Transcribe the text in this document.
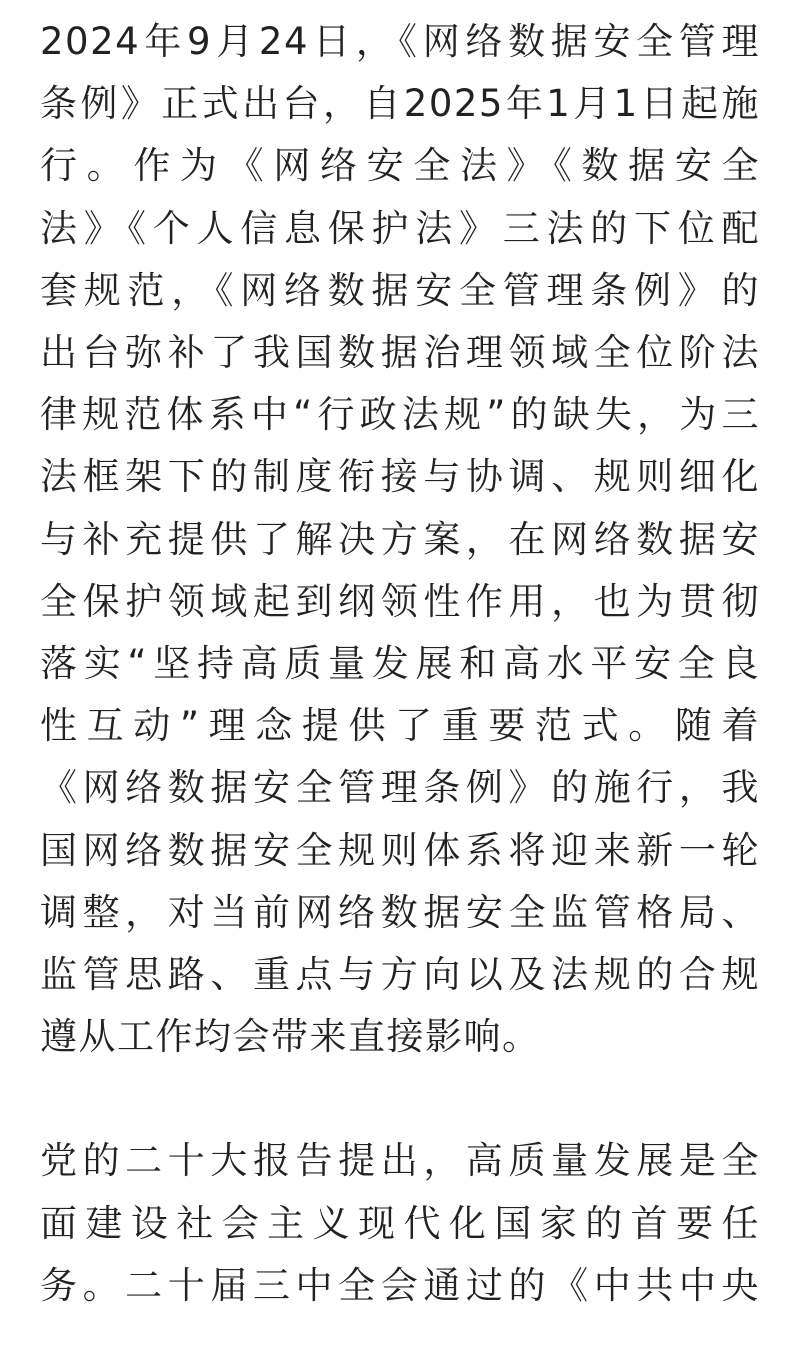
2024年9月24日，《网络数据安全管理
条例》正式出台，自2025年1月1日起施
行。作为《网络安全法》《数据安全
法》《个人信息保护法》三法的下位配
套规范，《网络数据安全管理条例》的
出台弥补了我国数据治理领域全位阶法
律规范体系中“行政法规”的缺失，为三
法框架下的制度衔接与协调、规则细化
与补充提供了解决方案，在网络数据安
全保护领域起到纲领性作用，也为贯彻
落实“坚持高质量发展和高水平安全良
性互动”理念提供了重要范式。随着
《网络数据安全管理条例》的施行，我
国网络数据安全规则体系将迎来新一轮
调整，对当前网络数据安全监管格局、
监管思路、重点与方向以及法规的合规
遵从工作均会带来直接影响。

党的二十大报告提出，高质量发展是全
面建设社会主义现代化国家的首要任
务。二十届三中全会通过的《中共中央
